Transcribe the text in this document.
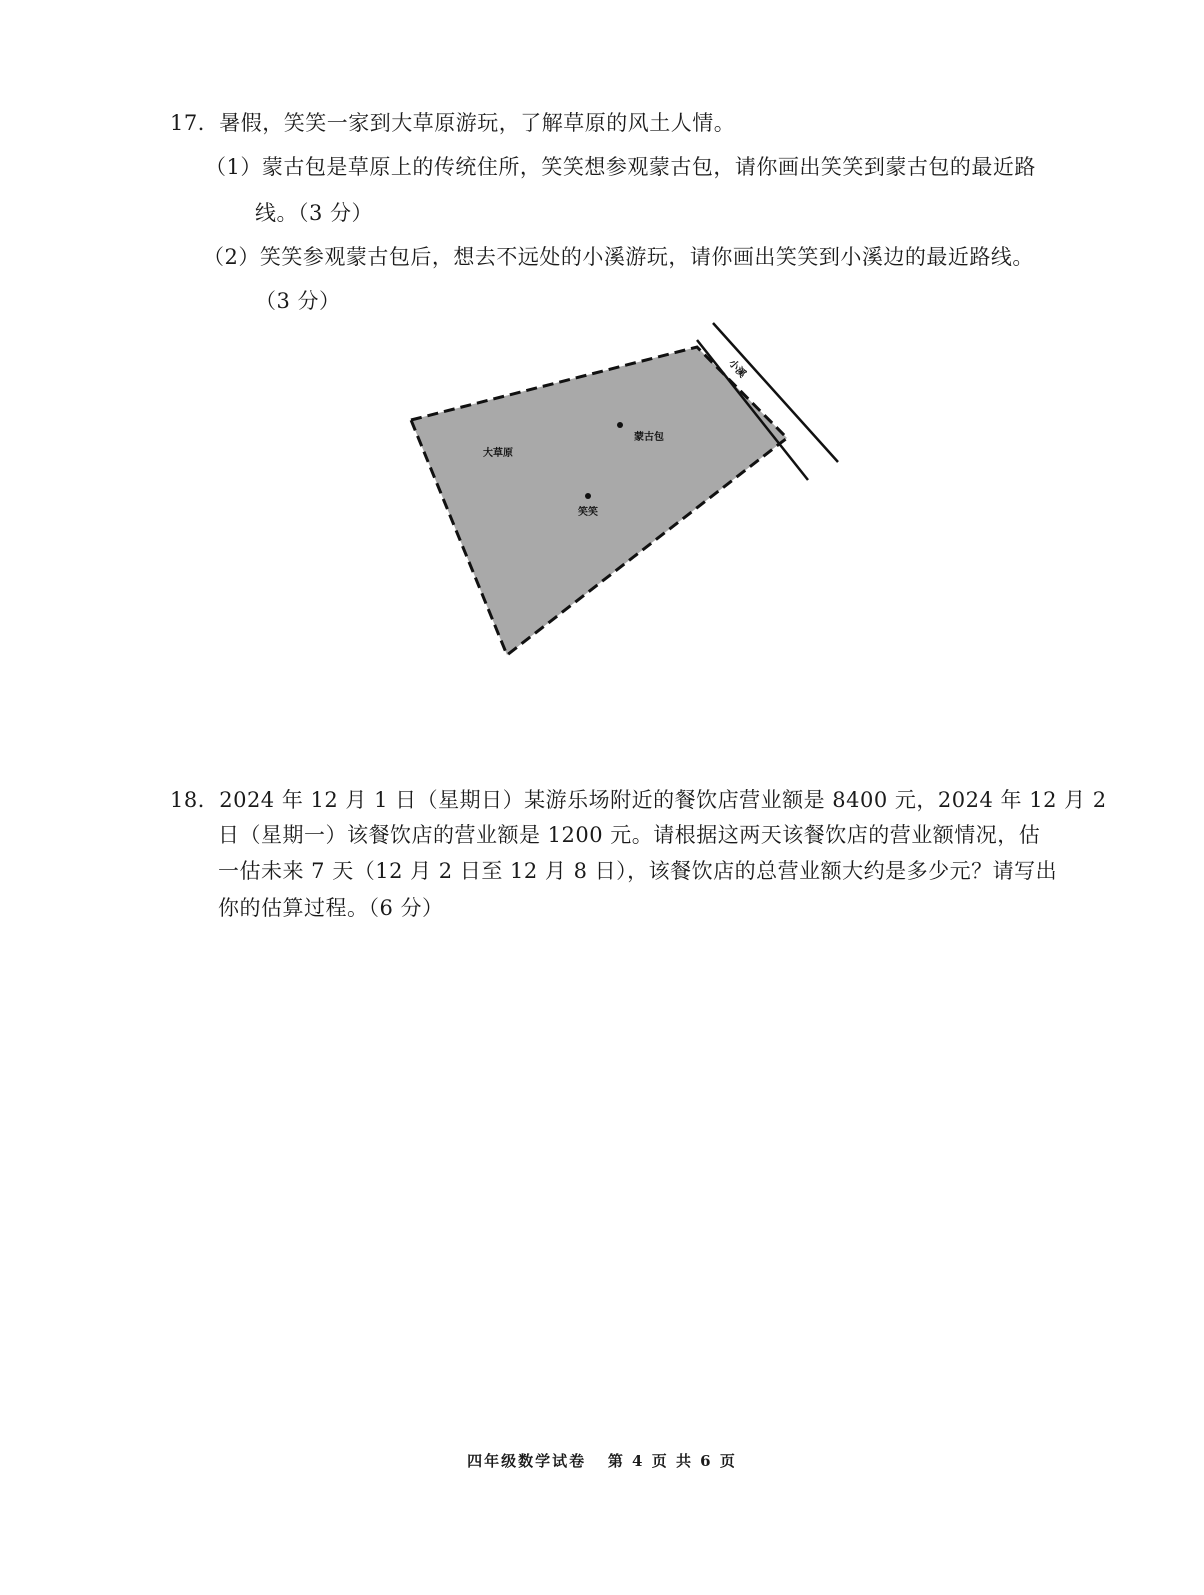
17．暑假，笑笑一家到大草原游玩，了解草原的风土人情。
（1）蒙古包是草原上的传统住所，笑笑想参观蒙古包，请你画出笑笑到蒙古包的最近路
线。（3 分）
（2）笑笑参观蒙古包后，想去不远处的小溪游玩，请你画出笑笑到小溪边的最近路线。
（3 分）
大草原
蒙古包
笑笑
小溪
18．2024 年 12 月 1 日（星期日）某游乐场附近的餐饮店营业额是 8400 元，2024 年 12 月 2
日（星期一）该餐饮店的营业额是 1200 元。请根据这两天该餐饮店的营业额情况，估
一估未来 7 天（12 月 2 日至 12 月 8 日），该餐饮店的总营业额大约是多少元？请写出
你的估算过程。（6 分）
四年级数学试卷   第 4 页 共 6 页
